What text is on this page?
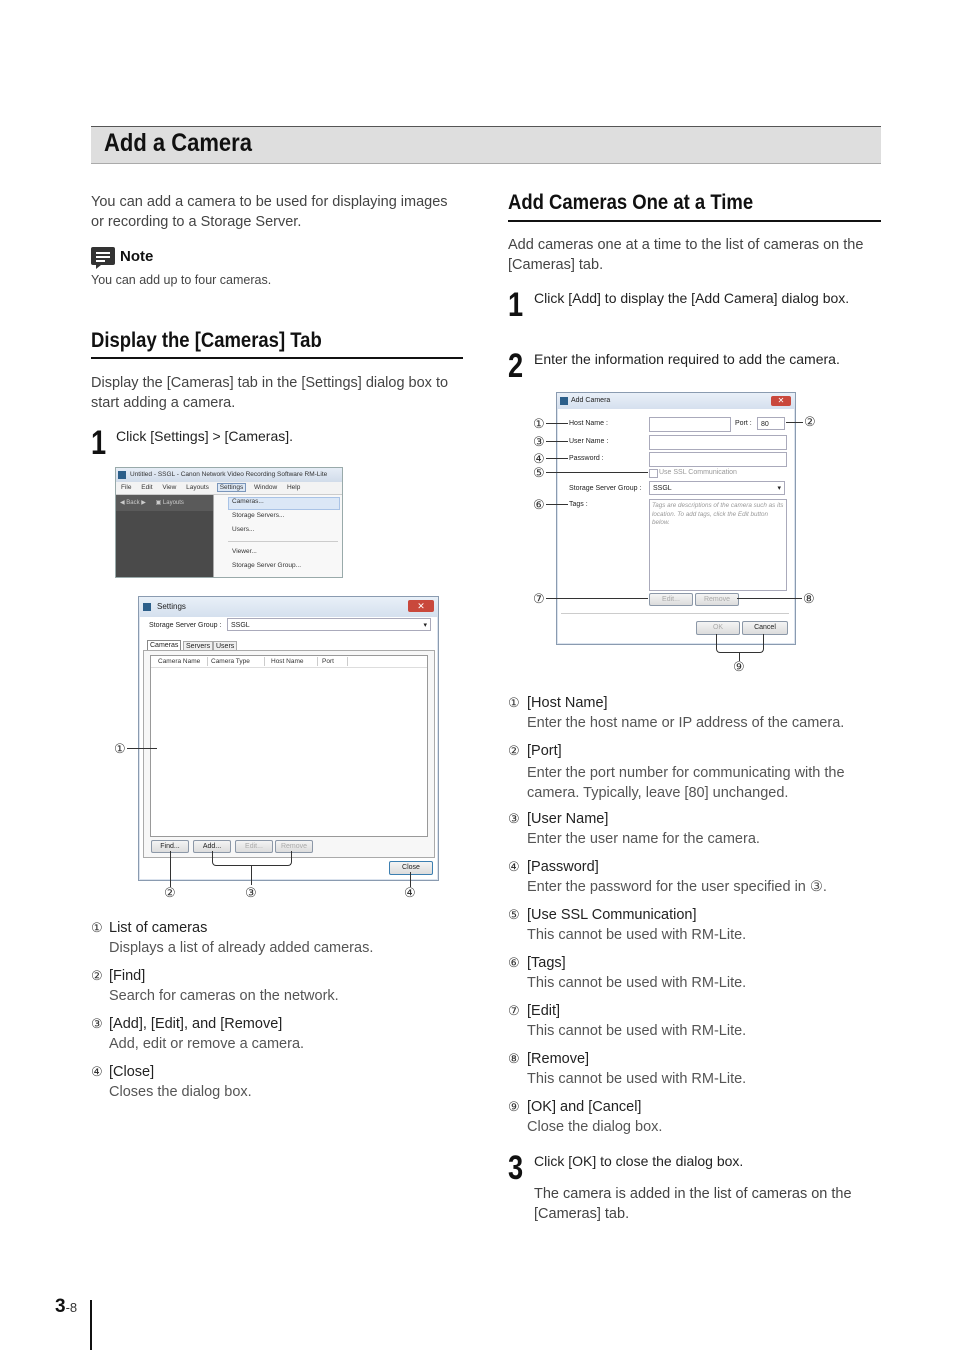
Add a Camera
You can add a camera to be used for displaying images or recording to a Storage Server.
Note
You can add up to four cameras.
Display the [Cameras] Tab
Display the [Cameras] tab in the [Settings] dialog box to start adding a camera.
1 Click [Settings] > [Cameras].
Untitled - SSGL - Canon Network Video Recording Software RM-Lite
File Edit View Layouts Settings Window Help
◀ Back ▶ ▣ Layouts	Cameras...
Storage Servers...
Users...
Viewer...
Storage Server Group...
Settings	✕
Storage Server Group :	SSGL	▾
Cameras	Servers Users
Camera Name Camera Type	Host Name	Port
Find...	Add...	Edit...	Remove
Close
①
②	③	④
① List of cameras
Displays a list of already added cameras.
② [Find]
Search for cameras on the network.
③ [Add], [Edit], and [Remove]
Add, edit or remove a camera.
④ [Close]
Closes the dialog box.
Add Cameras One at a Time
Add cameras one at a time to the list of cameras on the [Cameras] tab.
1 Click [Add] to display the [Add Camera] dialog box.
2 Enter the information required to add the camera.
Add Camera	✕
Host Name :	Port :	80
User Name :
Password :
Use SSL Communication
Storage Server Group :	SSGL	▾
Tags :	Tags are descriptions of the camera such as its location. To add tags, click the Edit button below.
Edit...	Remove
OK	Cancel
①	②
③
④
⑤
⑥
⑦	⑧
⑨
① [Host Name]
Enter the host name or IP address of the camera.
② [Port]
Enter the port number for communicating with the camera. Typically, leave [80] unchanged.
③ [User Name]
Enter the user name for the camera.
④ [Password]
Enter the password for the user specified in ③.
⑤ [Use SSL Communication]
This cannot be used with RM-Lite.
⑥ [Tags]
This cannot be used with RM-Lite.
⑦ [Edit]
This cannot be used with RM-Lite.
⑧ [Remove]
This cannot be used with RM-Lite.
⑨ [OK] and [Cancel]
Close the dialog box.
3 Click [OK] to close the dialog box.
The camera is added in the list of cameras on the [Cameras] tab.
3-8
